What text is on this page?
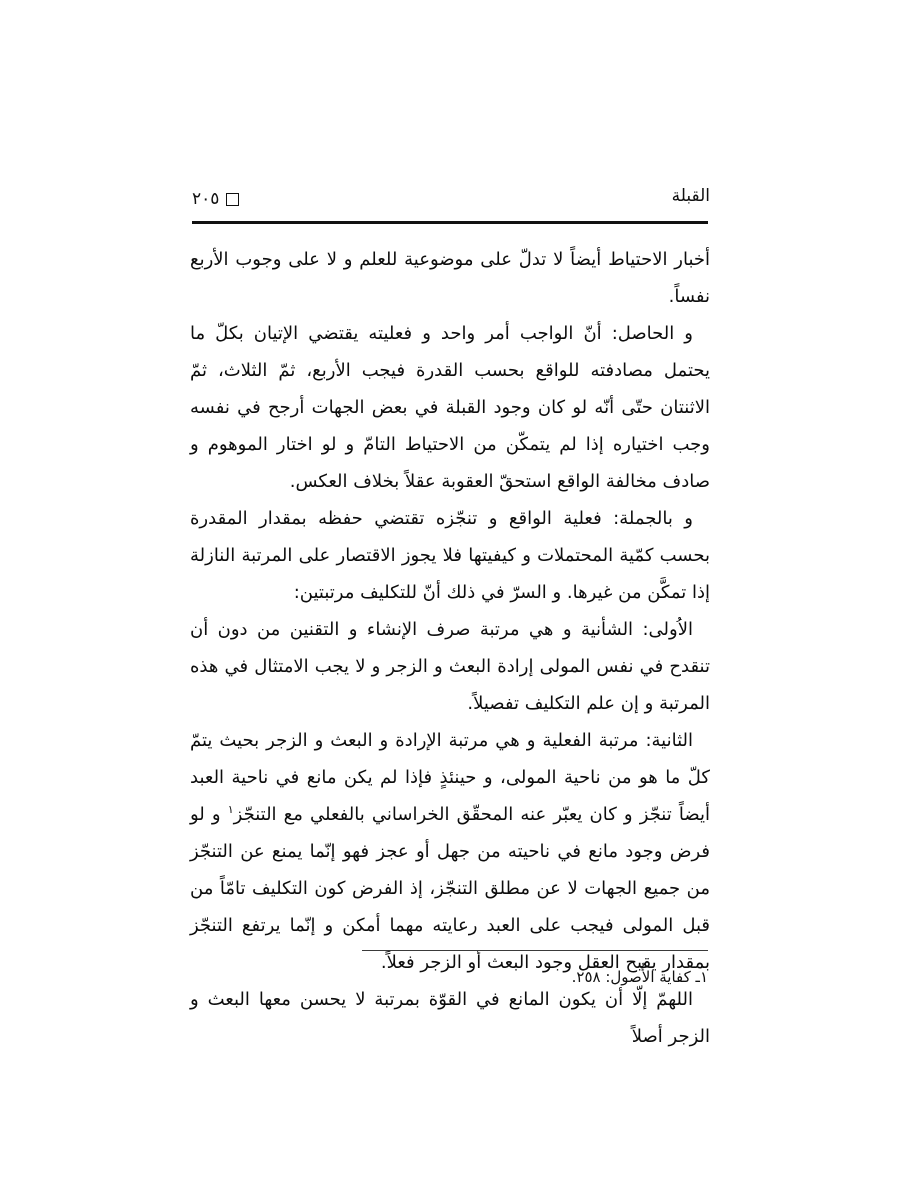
القبلة
٢٠٥

أخبار الاحتياط أيضاً لا تدلّ على موضوعية للعلم و لا على وجوب الأربع نفساً.

و الحاصل: أنّ الواجب أمر واحد و فعليته يقتضي الإتيان بكلّ ما يحتمل مصادفته للواقع بحسب القدرة فيجب الأربع، ثمّ الثلاث، ثمّ الاثنتان حتّى أنّه لو كان وجود القبلة في بعض الجهات أرجح في نفسه وجب اختياره إذا لم يتمكّن من الاحتياط التامّ و لو اختار الموهوم و صادف مخالفة الواقع استحقّ العقوبة عقلاً بخلاف العكس.

و بالجملة: فعلية الواقع و تنجّزه تقتضي حفظه بمقدار المقدرة بحسب كمّية المحتملات و كيفيتها فلا يجوز الاقتصار على المرتبة النازلة إذا تمكَّن من غيرها. و السرّ في ذلك أنّ للتكليف مرتبتين:

الاُولى: الشأنية و هي مرتبة صرف الإنشاء و التقنين من دون أن تنقدح في نفس المولى إرادة البعث و الزجر و لا يجب الامتثال في هذه المرتبة و إن علم التكليف تفصيلاً.

الثانية: مرتبة الفعلية و هي مرتبة الإرادة و البعث و الزجر بحيث يتمّ كلّ ما هو من ناحية المولى، و حينئذٍ فإذا لم يكن مانع في ناحية العبد أيضاً تنجّز و كان يعبّر عنه المحقّق الخراساني بالفعلي مع التنجّز$^١$ و لو فرض وجود مانع في ناحيته من جهل أو عجز فهو إنّما يمنع عن التنجّز من جميع الجهات لا عن مطلق التنجّز، إذ الفرض كون التكليف تامّاً من قبل المولى فيجب على العبد رعايته مهما أمكن و إنّما يرتفع التنجّز بمقدار يقبح العقل وجود البعث أو الزجر فعلاً.

اللهمّ إلّا أن يكون المانع في القوّة بمرتبة لا يحسن معها البعث و الزجر أصلاً

١ـ كفاية الأُصول: ٢٥٨.
